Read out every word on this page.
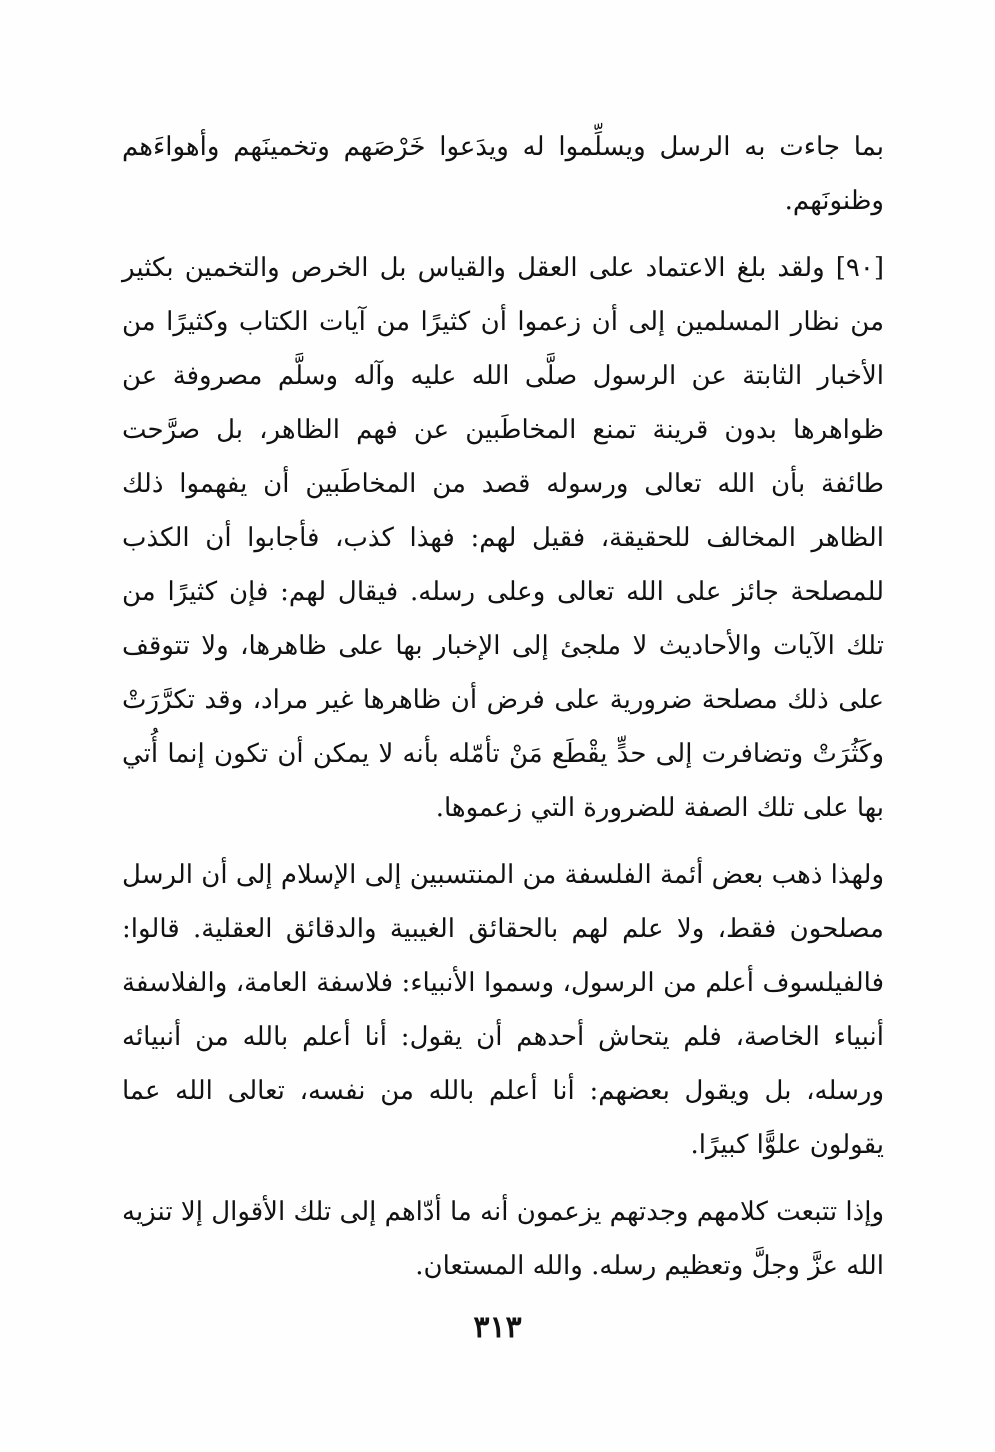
بما جاءت به الرسل ويسلِّموا له ويدَعوا خَرْصَهم وتخمينَهم وأهواءَهم وظنونَهم.

[٩٠] ولقد بلغ الاعتماد على العقل والقياس بل الخرص والتخمين بكثير من نظار المسلمين إلى أن زعموا أن كثيرًا من آيات الكتاب وكثيرًا من الأخبار الثابتة عن الرسول صلَّى الله عليه وآله وسلَّم مصروفة عن ظواهرها بدون قرينة تمنع المخاطَبين عن فهم الظاهر، بل صرَّحت طائفة بأن الله تعالى ورسوله قصد من المخاطَبين أن يفهموا ذلك الظاهر المخالف للحقيقة، فقيل لهم: فهذا كذب، فأجابوا أن الكذب للمصلحة جائز على الله تعالى وعلى رسله. فيقال لهم: فإن كثيرًا من تلك الآيات والأحاديث لا ملجئ إلى الإخبار بها على ظاهرها، ولا تتوقف على ذلك مصلحة ضرورية على فرض أن ظاهرها غير مراد، وقد تكرَّرَتْ وكَثُرَتْ وتضافرت إلى حدٍّ يقْطَع مَنْ تأمّله بأنه لا يمكن أن تكون إنما أُتي بها على تلك الصفة للضرورة التي زعموها.

ولهذا ذهب بعض أئمة الفلسفة من المنتسبين إلى الإسلام إلى أن الرسل مصلحون فقط، ولا علم لهم بالحقائق الغيبية والدقائق العقلية. قالوا: فالفيلسوف أعلم من الرسول، وسموا الأنبياء: فلاسفة العامة، والفلاسفة أنبياء الخاصة، فلم يتحاش أحدهم أن يقول: أنا أعلم بالله من أنبيائه ورسله، بل ويقول بعضهم: أنا أعلم بالله من نفسه، تعالى الله عما يقولون علوًّا كبيرًا.

وإذا تتبعت كلامهم وجدتهم يزعمون أنه ما أدّاهم إلى تلك الأقوال إلا تنزيه الله عزَّ وجلَّ وتعظيم رسله. والله المستعان.

٣١٣
